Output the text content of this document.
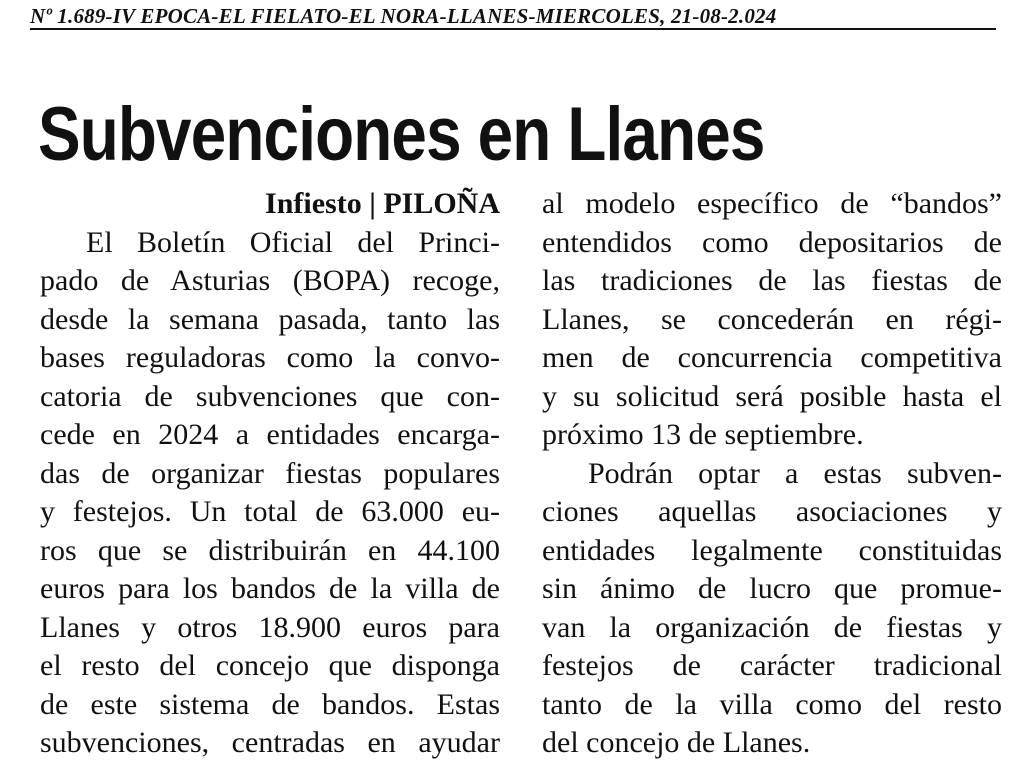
Nº 1.689-IV EPOCA-EL FIELATO-EL NORA-LLANES-MIERCOLES, 21-08-2.024
Subvenciones en Llanes
Infiesto | PILOÑA
El Boletín Oficial del Princi-
pado de Asturias (BOPA) recoge,
desde la semana pasada, tanto las
bases reguladoras como la convo-
catoria de subvenciones que con-
cede en 2024 a entidades encarga-
das de organizar fiestas populares
y festejos. Un total de 63.000 eu-
ros que se distribuirán en 44.100
euros para los bandos de la villa de
Llanes y otros 18.900 euros para
el resto del concejo que disponga
de este sistema de bandos. Estas
subvenciones, centradas en ayudar
al modelo específico de “bandos”
entendidos como depositarios de
las tradiciones de las fiestas de
Llanes, se concederán en régi-
men de concurrencia competitiva
y su solicitud será posible hasta el
próximo 13 de septiembre.
Podrán optar a estas subven-
ciones aquellas asociaciones y
entidades legalmente constituidas
sin ánimo de lucro que promue-
van la organización de fiestas y
festejos de carácter tradicional
tanto de la villa como del resto
del concejo de Llanes.
